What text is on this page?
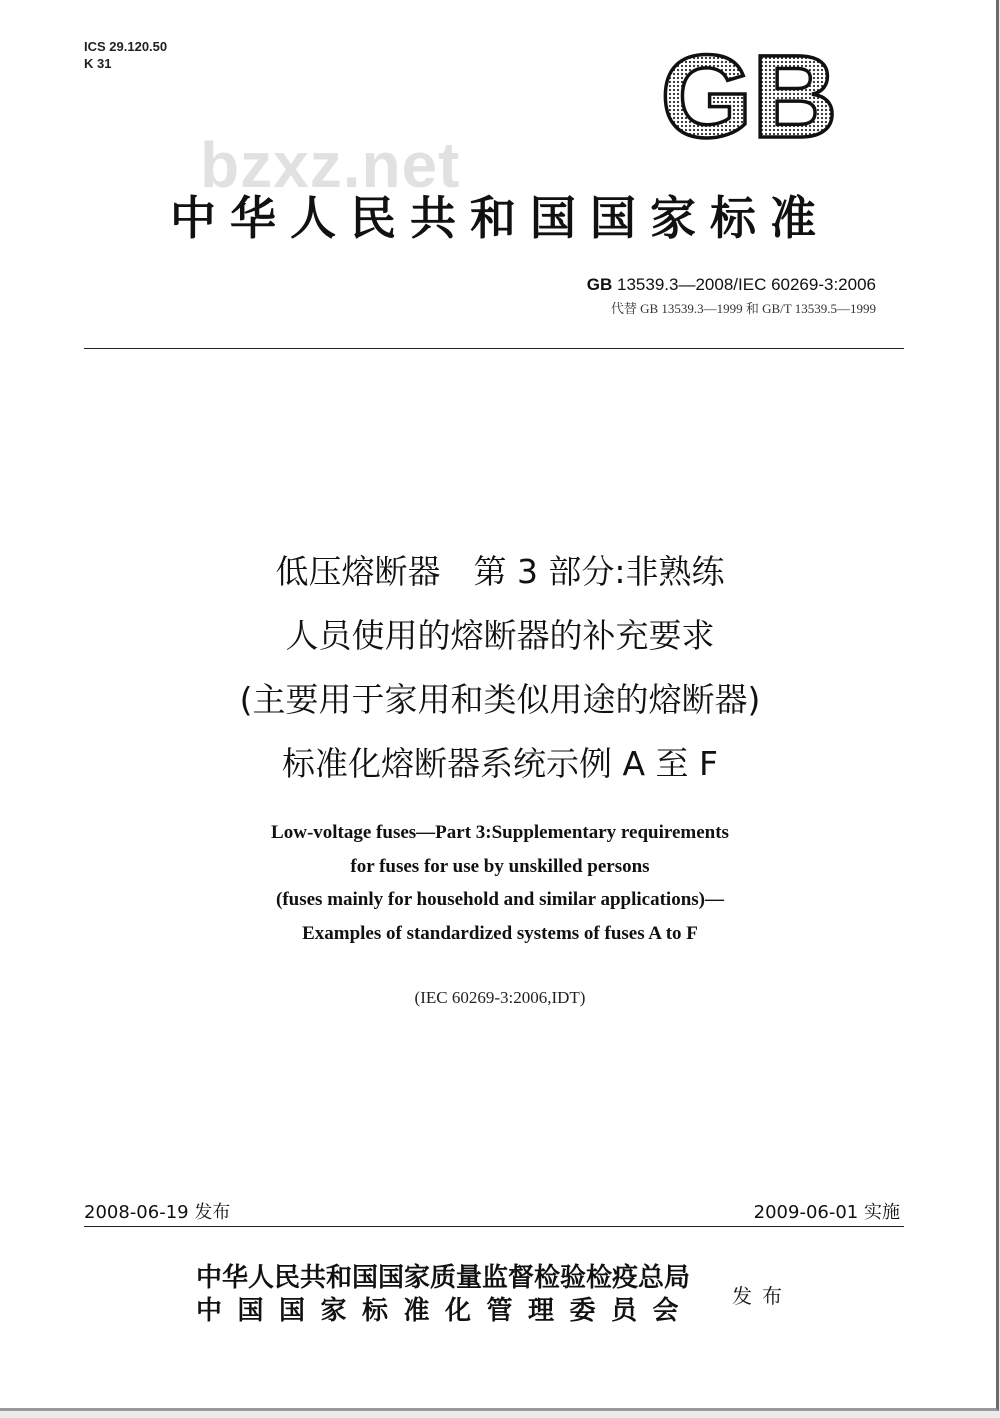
ICS 29.120.50
K 31	GB
bzxz.net
中华人民共和国国家标准
GB 13539.3—2008/IEC 60269-3:2006
代替 GB 13539.3—1999 和 GB/T 13539.5—1999
低压熔断器　第 3 部分:非熟练
人员使用的熔断器的补充要求
(主要用于家用和类似用途的熔断器)
标准化熔断器系统示例 A 至 F
Low-voltage fuses—Part 3:Supplementary requirements
for fuses for use by unskilled persons
(fuses mainly for household and similar applications)—
Examples of standardized systems of fuses A to F
(IEC 60269-3:2006,IDT)
2008-06-19 发布	2009-06-01 实施
中华人民共和国国家质量监督检验检疫总局
中国国家标准化管理委员会 发布
